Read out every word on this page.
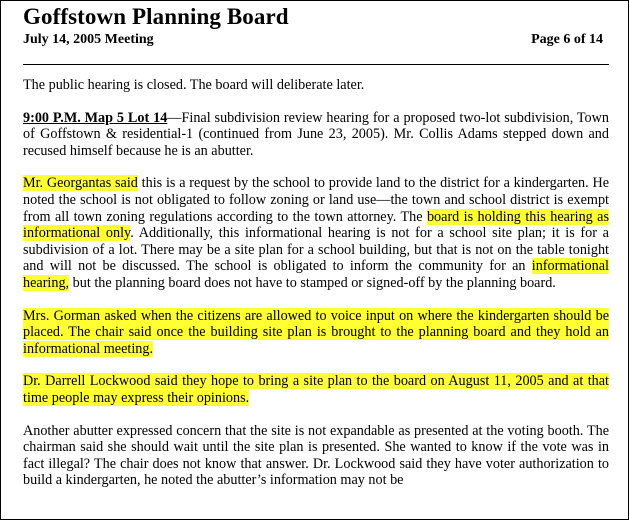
Goffstown Planning Board
July 14, 2005 Meeting	Page 6 of 14

The public hearing is closed. The board will deliberate later.

9:00 P.M. Map 5 Lot 14—Final subdivision review hearing for a proposed two-lot subdivision, Town of Goffstown & residential-1 (continued from June 23, 2005). Mr. Collis Adams stepped down and recused himself because he is an abutter.

Mr. Georgantas said this is a request by the school to provide land to the district for a kindergarten. He noted the school is not obligated to follow zoning or land use—the town and school district is exempt from all town zoning regulations according to the town attorney. The board is holding this hearing as informational only. Additionally, this informational hearing is not for a school site plan; it is for a subdivision of a lot. There may be a site plan for a school building, but that is not on the table tonight and will not be discussed. The school is obligated to inform the community for an informational hearing, but the planning board does not have to stamped or signed-off by the planning board.

Mrs. Gorman asked when the citizens are allowed to voice input on where the kindergarten should be placed. The chair said once the building site plan is brought to the planning board and they hold an informational meeting.

Dr. Darrell Lockwood said they hope to bring a site plan to the board on August 11, 2005 and at that time people may express their opinions.

Another abutter expressed concern that the site is not expandable as presented at the voting booth. The chairman said she should wait until the site plan is presented. She wanted to know if the vote was in fact illegal? The chair does not know that answer. Dr. Lockwood said they have voter authorization to build a kindergarten, he noted the abutter’s information may not be
